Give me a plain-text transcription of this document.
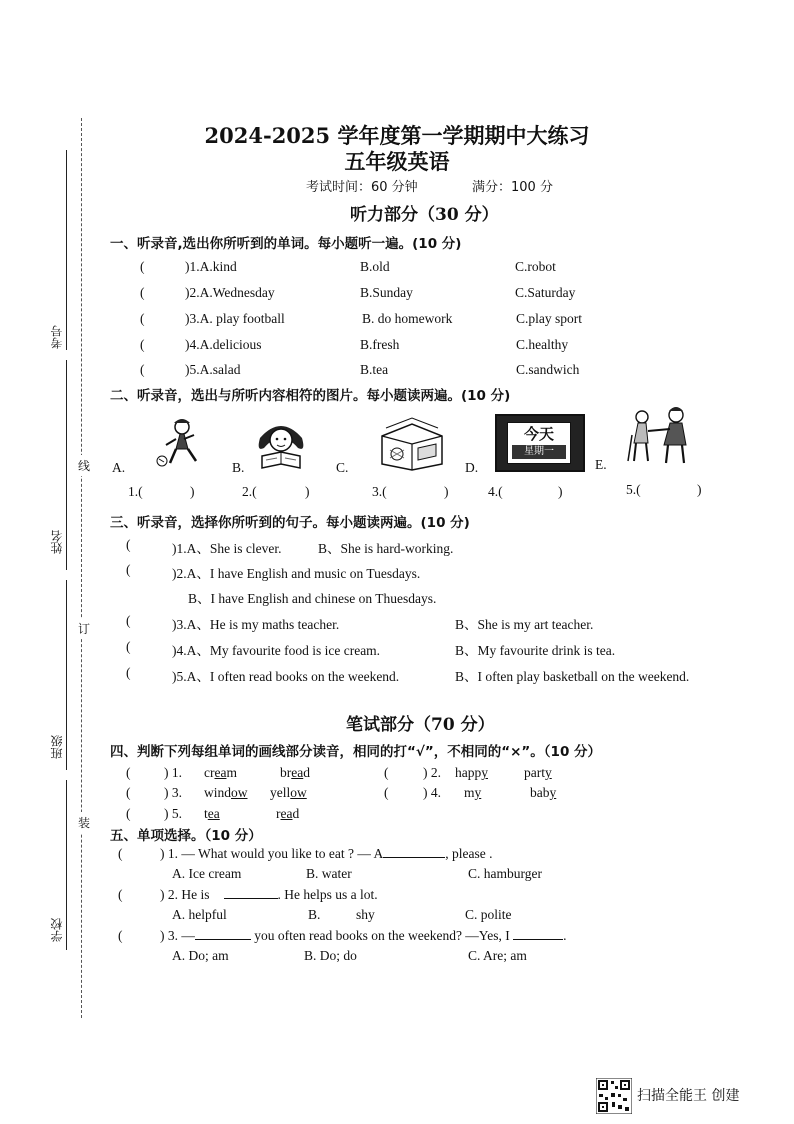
考号
姓名
班级
学校
线
订
装
2024-2025 学年度第一学期期中大练习
五年级英语
考试时间：60 分钟	满分：100 分
听力部分（30 分）
一、听录音,选出你所听到的单词。每小题听一遍。(10 分)
(	)1.A.kind	B.old	C.robot
(	)2.A.Wednesday	B.Sunday	C.Saturday
(	)3.A. play football	B. do homework	C.play sport
(	)4.A.delicious	B.fresh	C.healthy
(	)5.A.salad	B.tea	C.sandwich
二、听录音，选出与所听内容相符的图片。每小题读两遍。(10 分)
A.	B.	C.	D.
今天
星期一
E.
1.(	)	2.(	)	3.(	)	4.(	)	5.(	)
三、听录音，选择你所听到的句子。每小题读两遍。(10 分)
(	)1.A、She is clever.	B、She is hard-working.
(	)2.A、I have English and music on Tuesdays.
B、I have English and chinese on Thuesdays.
(	)3.A、He is my maths teacher.	B、She is my art teacher.
(	)4.A、My favourite food is ice cream.	B、My favourite drink is tea.
(	)5.A、I often read books on the weekend.	B、I often play basketball on the weekend.
笔试部分（70 分）
四、判断下列每组单词的画线部分读音，相同的打“√”，不相同的“×”。（10 分）
( ) 1. cream	bread	(	) 2. happy	party
( ) 3. window yellow	(	) 4. my	baby
( ) 5. tea	read
五、单项选择。（10 分）
(	) 1. — What would you like to eat ? — A	, please .
A. Ice cream	B. water	C. hamburger
(	) 2. He is	. He helps us a lot.
A. helpful	B.	shy	C. polite
(	) 3. —	you often read books on the weekend? —Yes, I	.
A. Do; am	B. Do; do	C. Are; am
扫描全能王 创建
